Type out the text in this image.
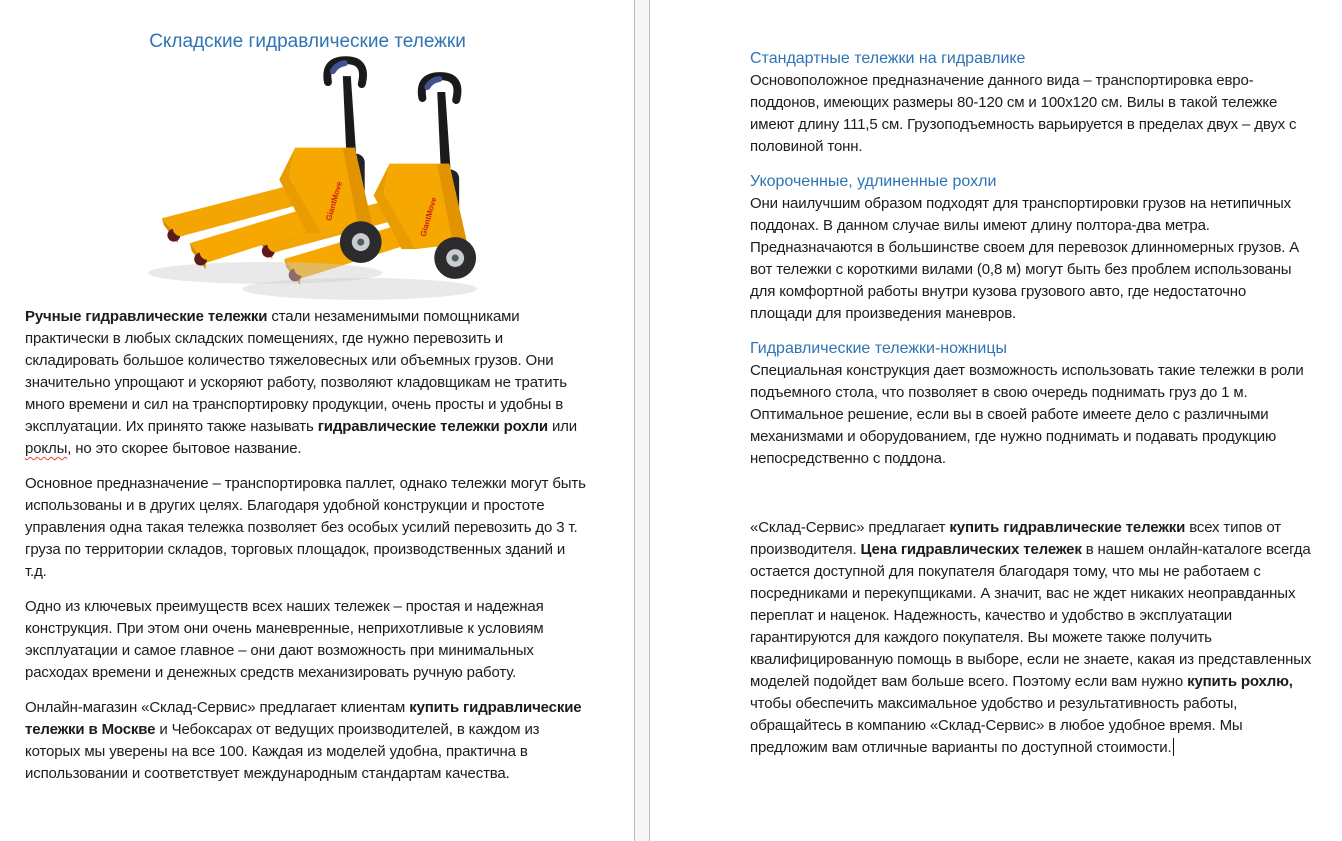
Складские гидравлические тележки

Ручные гидравлические тележки стали незаменимыми помощниками практически в любых складских помещениях, где нужно перевозить и складировать большое количество тяжеловесных или объемных грузов. Они значительно упрощают и ускоряют работу, позволяют кладовщикам не тратить много времени и сил на транспортировку продукции, очень просты и удобны в эксплуатации. Их принято также называть гидравлические тележки рохли или роклы, но это скорее бытовое название.

Основное предназначение – транспортировка паллет, однако тележки могут быть использованы и в других целях. Благодаря удобной конструкции и простоте управления одна такая тележка позволяет без особых усилий перевозить до 3 т. груза по территории складов, торговых площадок, производственных зданий и т.д.

Одно из ключевых преимуществ всех наших тележек – простая и надежная конструкция. При этом они очень маневренные, неприхотливые к условиям эксплуатации и самое главное – они дают возможность при минимальных расходах времени и денежных средств механизировать ручную работу.

Онлайн-магазин «Склад-Сервис» предлагает клиентам купить гидравлические тележки в Москве и Чебоксарах от ведущих производителей, в каждом из которых мы уверены на все 100. Каждая из моделей удобна, практична в использовании и соответствует международным стандартам качества.

Стандартные тележки на гидравлике

Основоположное предназначение данного вида – транспортировка евро-поддонов, имеющих размеры 80-120 см и 100х120 см. Вилы в такой тележке имеют длину 111,5 см. Грузоподъемность варьируется в пределах двух – двух с половиной тонн.

Укороченные, удлиненные рохли

Они наилучшим образом подходят для транспортировки грузов на нетипичных поддонах. В данном случае вилы имеют длину полтора-два метра. Предназначаются в большинстве своем для перевозок длинномерных грузов. А вот тележки с короткими вилами (0,8 м) могут быть без проблем использованы для комфортной работы внутри кузова грузового авто, где недостаточно площади для произведения маневров.

Гидравлические тележки-ножницы

Специальная конструкция дает возможность использовать такие тележки в роли подъемного стола, что позволяет в свою очередь поднимать груз до 1 м. Оптимальное решение, если вы в своей работе имеете дело с различными механизмами и оборудованием, где нужно поднимать и подавать продукцию непосредственно с поддона.

«Склад-Сервис» предлагает купить гидравлические тележки всех типов от производителя. Цена гидравлических тележек в нашем онлайн-каталоге всегда остается доступной для покупателя благодаря тому, что мы не работаем с посредниками и перекупщиками. А значит, вас не ждет никаких неоправданных переплат и наценок. Надежность, качество и удобство в эксплуатации гарантируются для каждого покупателя. Вы можете также получить квалифицированную помощь в выборе, если не знаете, какая из представленных моделей подойдет вам больше всего. Поэтому если вам нужно купить рохлю, чтобы обеспечить максимальное удобство и результативность работы, обращайтесь в компанию «Склад-Сервис» в любое удобное время. Мы предложим вам отличные варианты по доступной стоимости.
